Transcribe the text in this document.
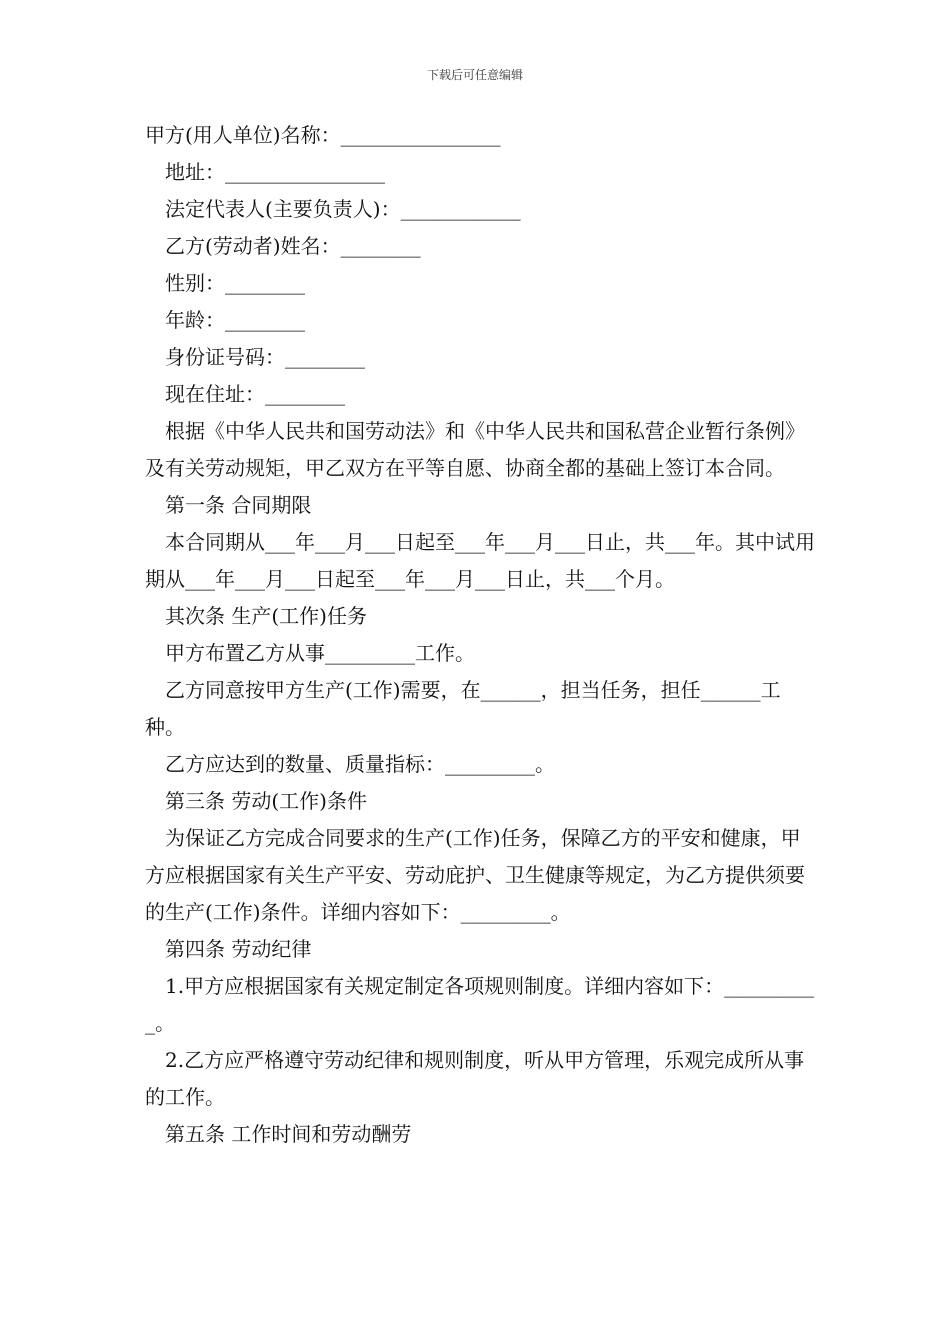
下载后可任意编辑

甲方(用人单位)名称：________________

地址：________________

法定代表人(主要负责人)：____________

乙方(劳动者)姓名：________

性别：________

年龄：________

身份证号码：________

现在住址：________

根据《中华人民共和国劳动法》和《中华人民共和国私营企业暂行条例》及有关劳动规矩，甲乙双方在平等自愿、协商全都的基础上签订本合同。

第一条 合同期限

本合同期从___年___月___日起至___年___月___日止，共___年。其中试用期从___年___月___日起至___年___月___日止，共___个月。

其次条 生产(工作)任务

甲方布置乙方从事_________工作。

乙方同意按甲方生产(工作)需要，在______，担当任务，担任______工种。

乙方应达到的数量、质量指标：_________。

第三条 劳动(工作)条件

为保证乙方完成合同要求的生产(工作)任务，保障乙方的平安和健康，甲方应根据国家有关生产平安、劳动庇护、卫生健康等规定，为乙方提供须要的生产(工作)条件。详细内容如下：_________。

第四条 劳动纪律

1.甲方应根据国家有关规定制定各项规则制度。详细内容如下：__________。

2.乙方应严格遵守劳动纪律和规则制度，听从甲方管理，乐观完成所从事的工作。

第五条 工作时间和劳动酬劳
